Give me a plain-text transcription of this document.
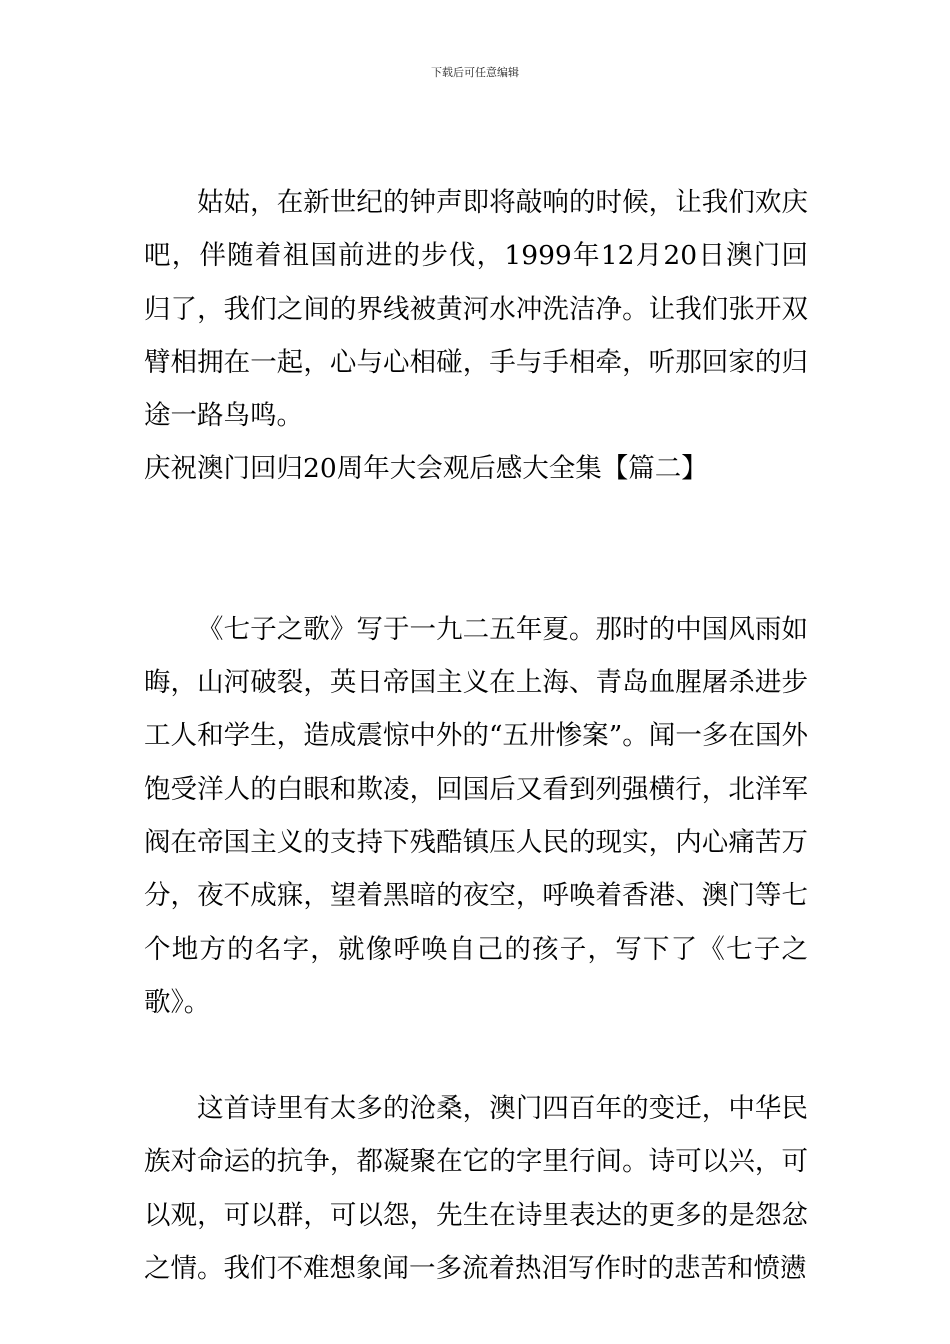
下载后可任意编辑

姑姑，在新世纪的钟声即将敲响的时候，让我们欢庆吧，伴随着祖国前进的步伐，1999年12月20日澳门回归了，我们之间的界线被黄河水冲洗洁净。让我们张开双臂相拥在一起，心与心相碰，手与手相牵，听那回家的归途一路鸟鸣。

庆祝澳门回归20周年大会观后感大全集【篇二】

《七子之歌》写于一九二五年夏。那时的中国风雨如晦，山河破裂，英日帝国主义在上海、青岛血腥屠杀进步工人和学生，造成震惊中外的“五卅惨案”。闻一多在国外饱受洋人的白眼和欺凌，回国后又看到列强横行，北洋军阀在帝国主义的支持下残酷镇压人民的现实，内心痛苦万分，夜不成寐，望着黑暗的夜空，呼唤着香港、澳门等七个地方的名字，就像呼唤自己的孩子，写下了《七子之歌》。

这首诗里有太多的沧桑，澳门四百年的变迁，中华民族对命运的抗争，都凝聚在它的字里行间。诗可以兴，可以观，可以群，可以怨，先生在诗里表达的更多的是怨忿之情。我们不难想象闻一多流着热泪写作时的悲苦和愤懑
